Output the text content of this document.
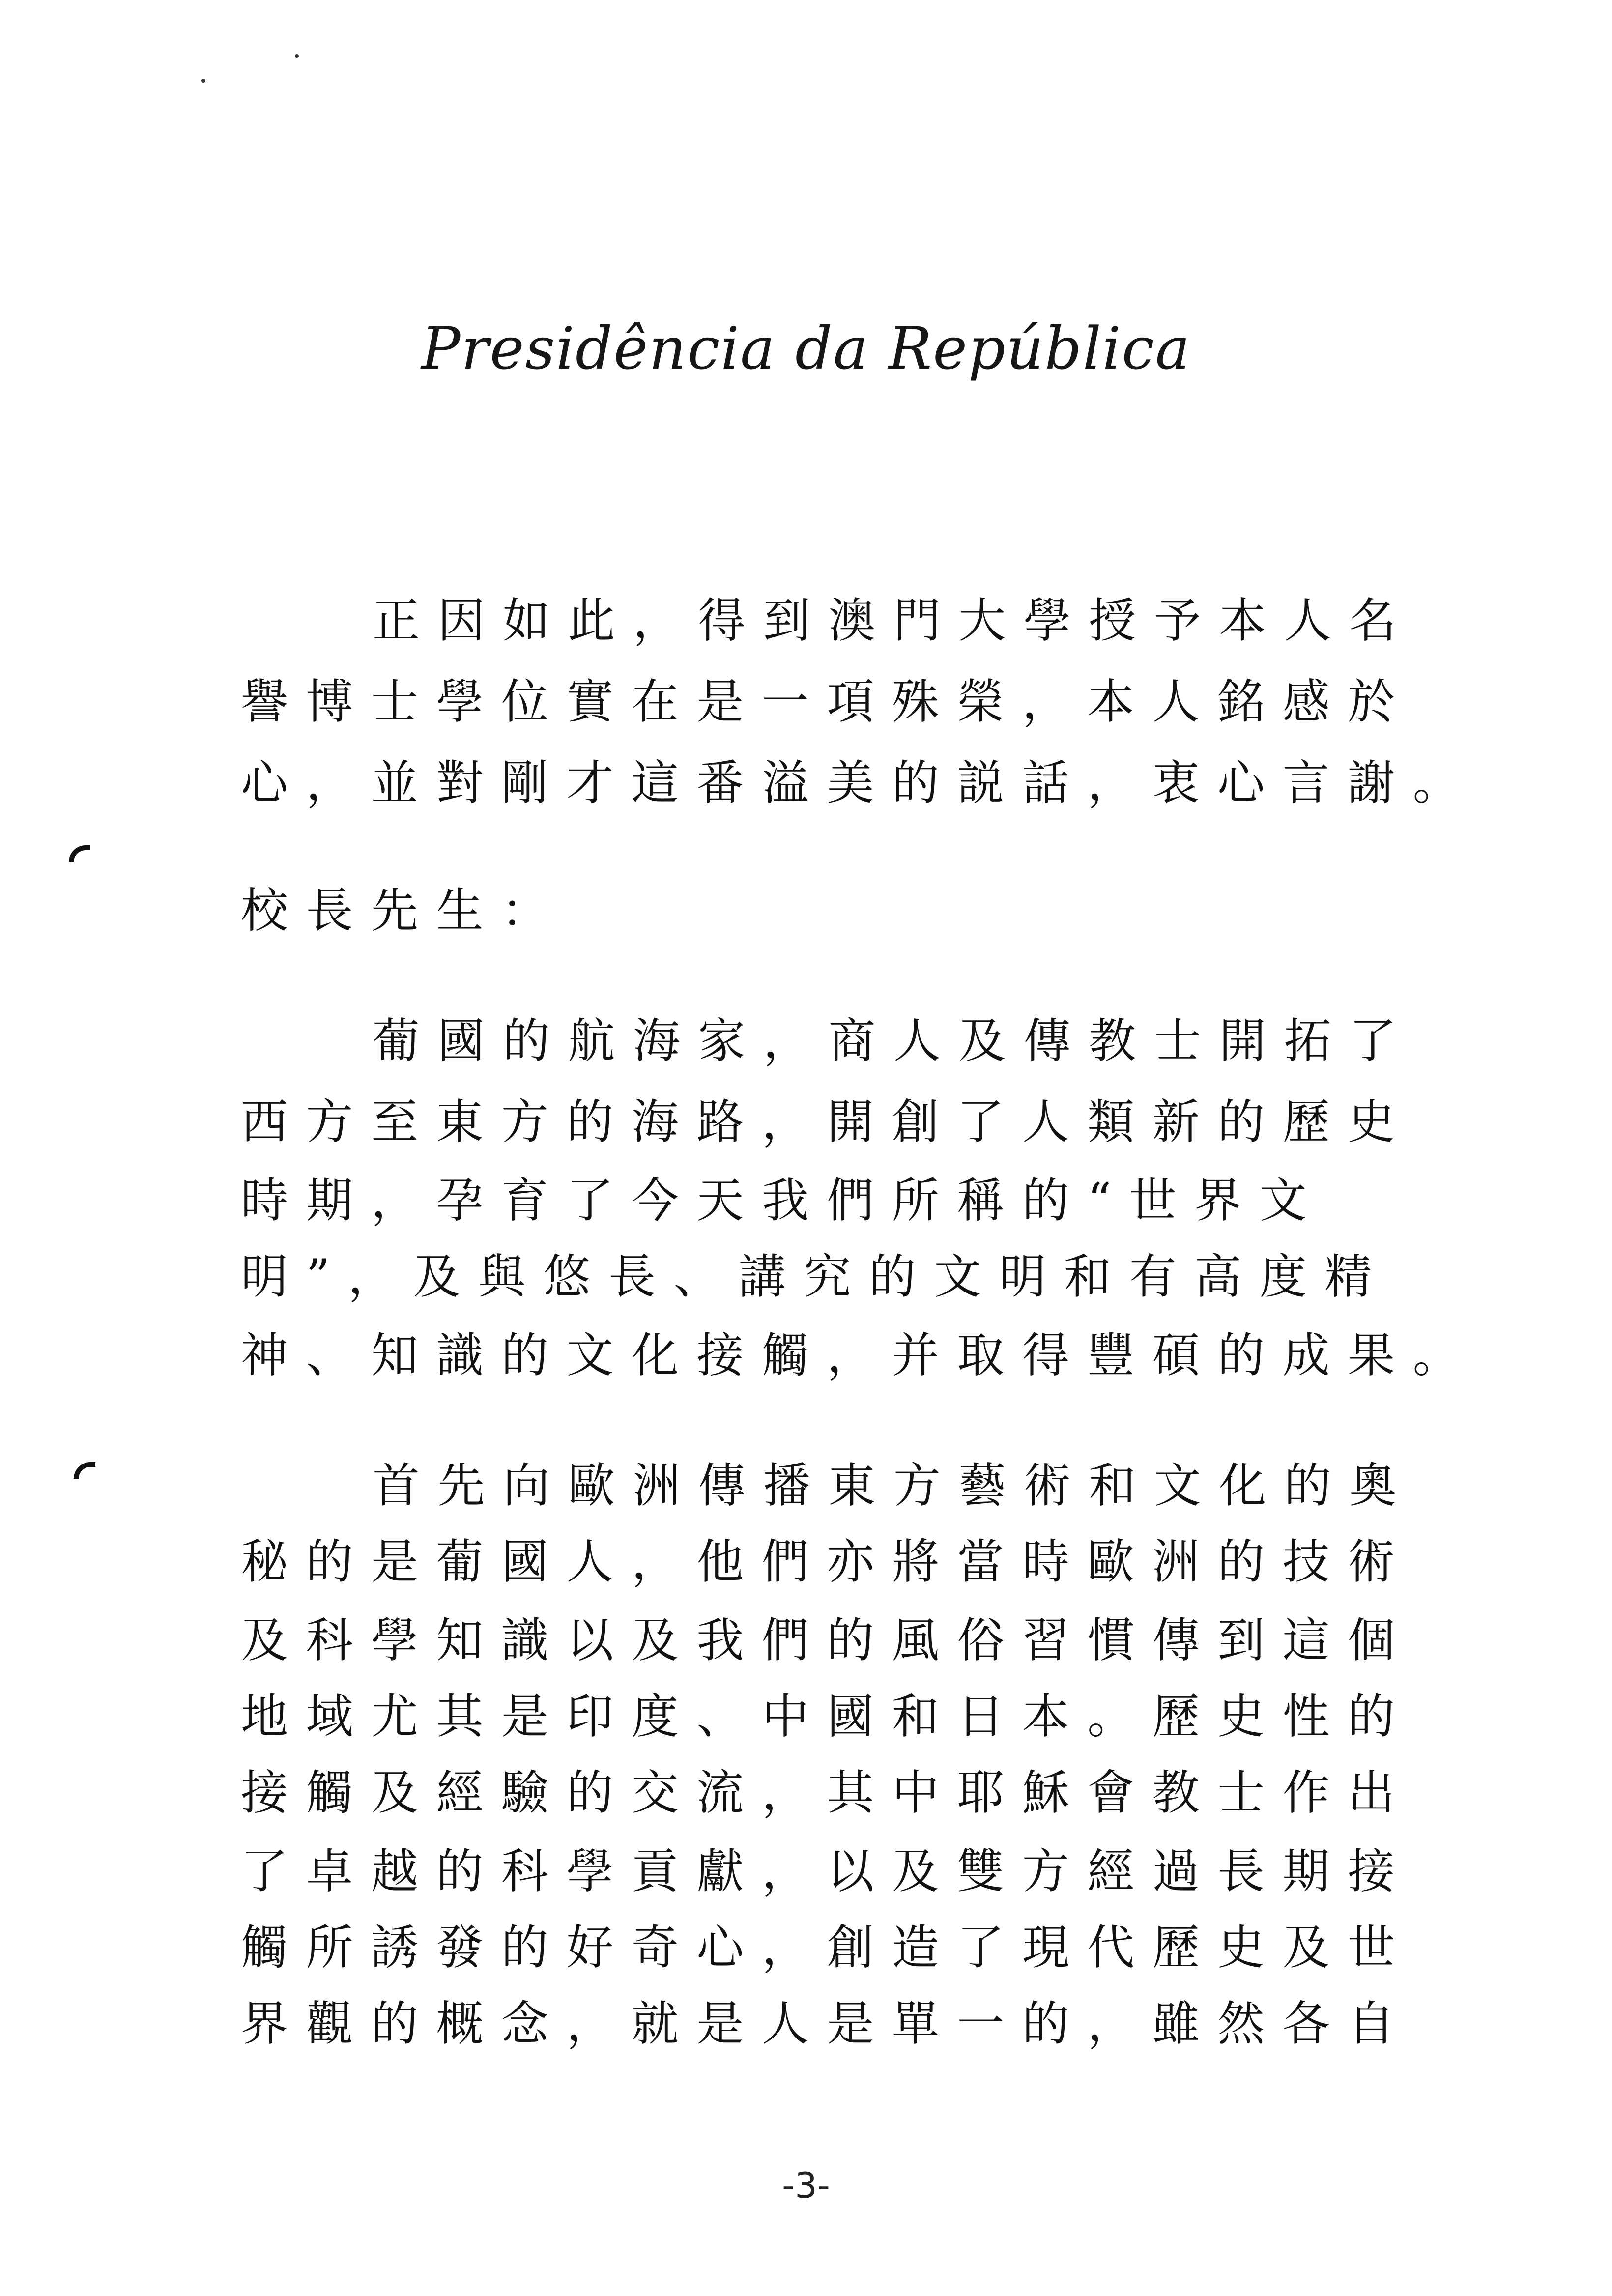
Presidência da República
正因如此，得到澳門大學授予本人名
譽博士學位實在是一項殊榮，本人銘感於
心，並對剛才這番溢美的説話，衷心言謝。
校長先生：
葡國的航海家，商人及傳教士開拓了
西方至東方的海路，開創了人類新的歷史
時期，孕育了今天我們所稱的“世界文
明”，及與悠長、講究的文明和有高度精
神、知識的文化接觸，并取得豐碩的成果。
首先向歐洲傳播東方藝術和文化的奧
秘的是葡國人，他們亦將當時歐洲的技術
及科學知識以及我們的風俗習慣傳到這個
地域尤其是印度、中國和日本。歷史性的
接觸及經驗的交流，其中耶穌會教士作出
了卓越的科學貢獻，以及雙方經過長期接
觸所誘發的好奇心，創造了現代歷史及世
界觀的概念，就是人是單一的，雖然各自
-3-
